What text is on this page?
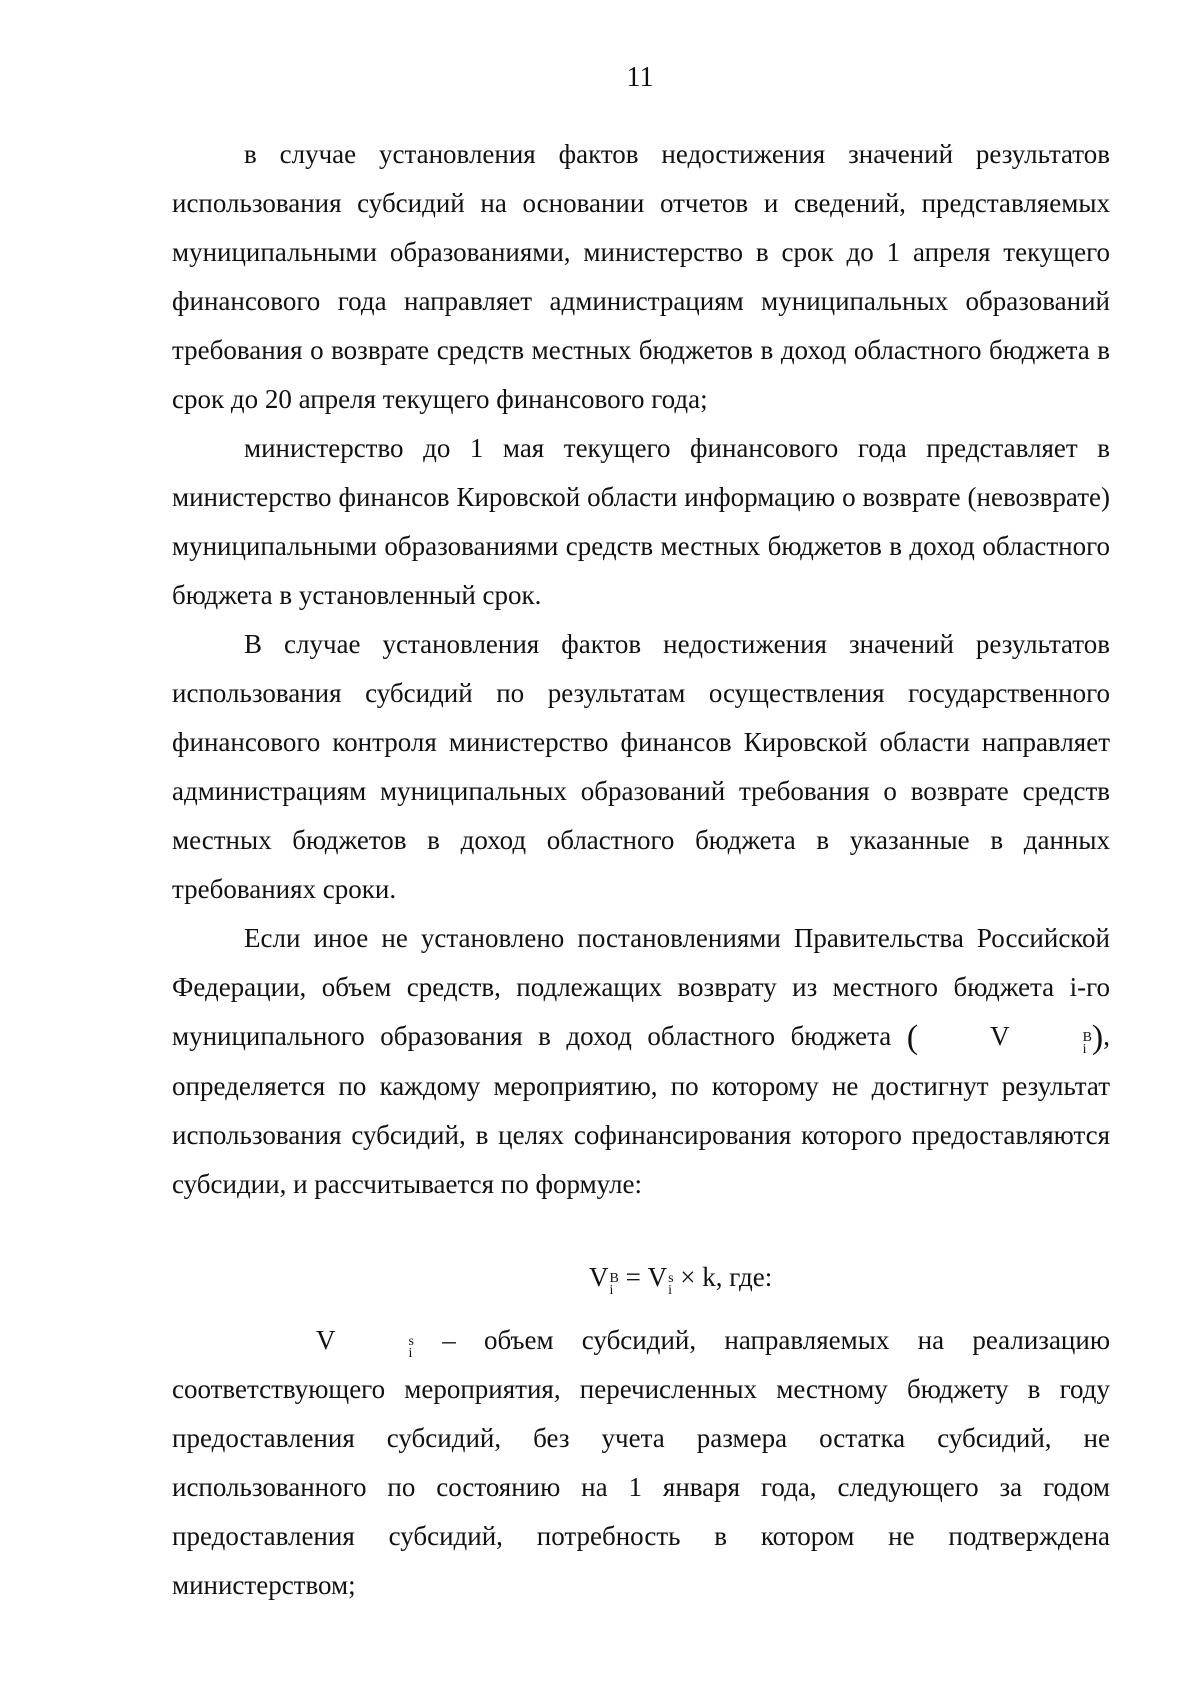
11

в случае установления фактов недостижения значений результатов использования субсидий на основании отчетов и сведений, представляемых муниципальными образованиями, министерство в срок до 1 апреля текущего финансового года направляет администрациям муниципальных образований требования о возврате средств местных бюджетов в доход областного бюджета в срок до 20 апреля текущего финансового года;

министерство до 1 мая текущего финансового года представляет в министерство финансов Кировской области информацию о возврате (невозврате) муниципальными образованиями средств местных бюджетов в доход областного бюджета в установленный срок.

В случае установления фактов недостижения значений результатов использования субсидий по результатам осуществления государственного финансового контроля министерство финансов Кировской области направляет администрациям муниципальных образований требования о возврате средств местных бюджетов в доход областного бюджета в указанные в данных требованиях сроки.

Если иное не установлено постановлениями Правительства Российской Федерации, объем средств, подлежащих возврату из местного бюджета i-го муниципального образования в доход областного бюджета (	V	В
i ), определяется по каждому мероприятию, по которому не достигнут результат использования субсидий, в целях софинансирования которого предоставляются субсидии, и рассчитывается по формуле:

V В
i = V s
i × k, где:

V	s
i – объем субсидий, направляемых на реализацию соответствующего мероприятия, перечисленных местному бюджету в году предоставления субсидий, без учета размера остатка субсидий, не использованного по состоянию на 1 января года, следующего за годом предоставления субсидий, потребность в котором не подтверждена министерством;
